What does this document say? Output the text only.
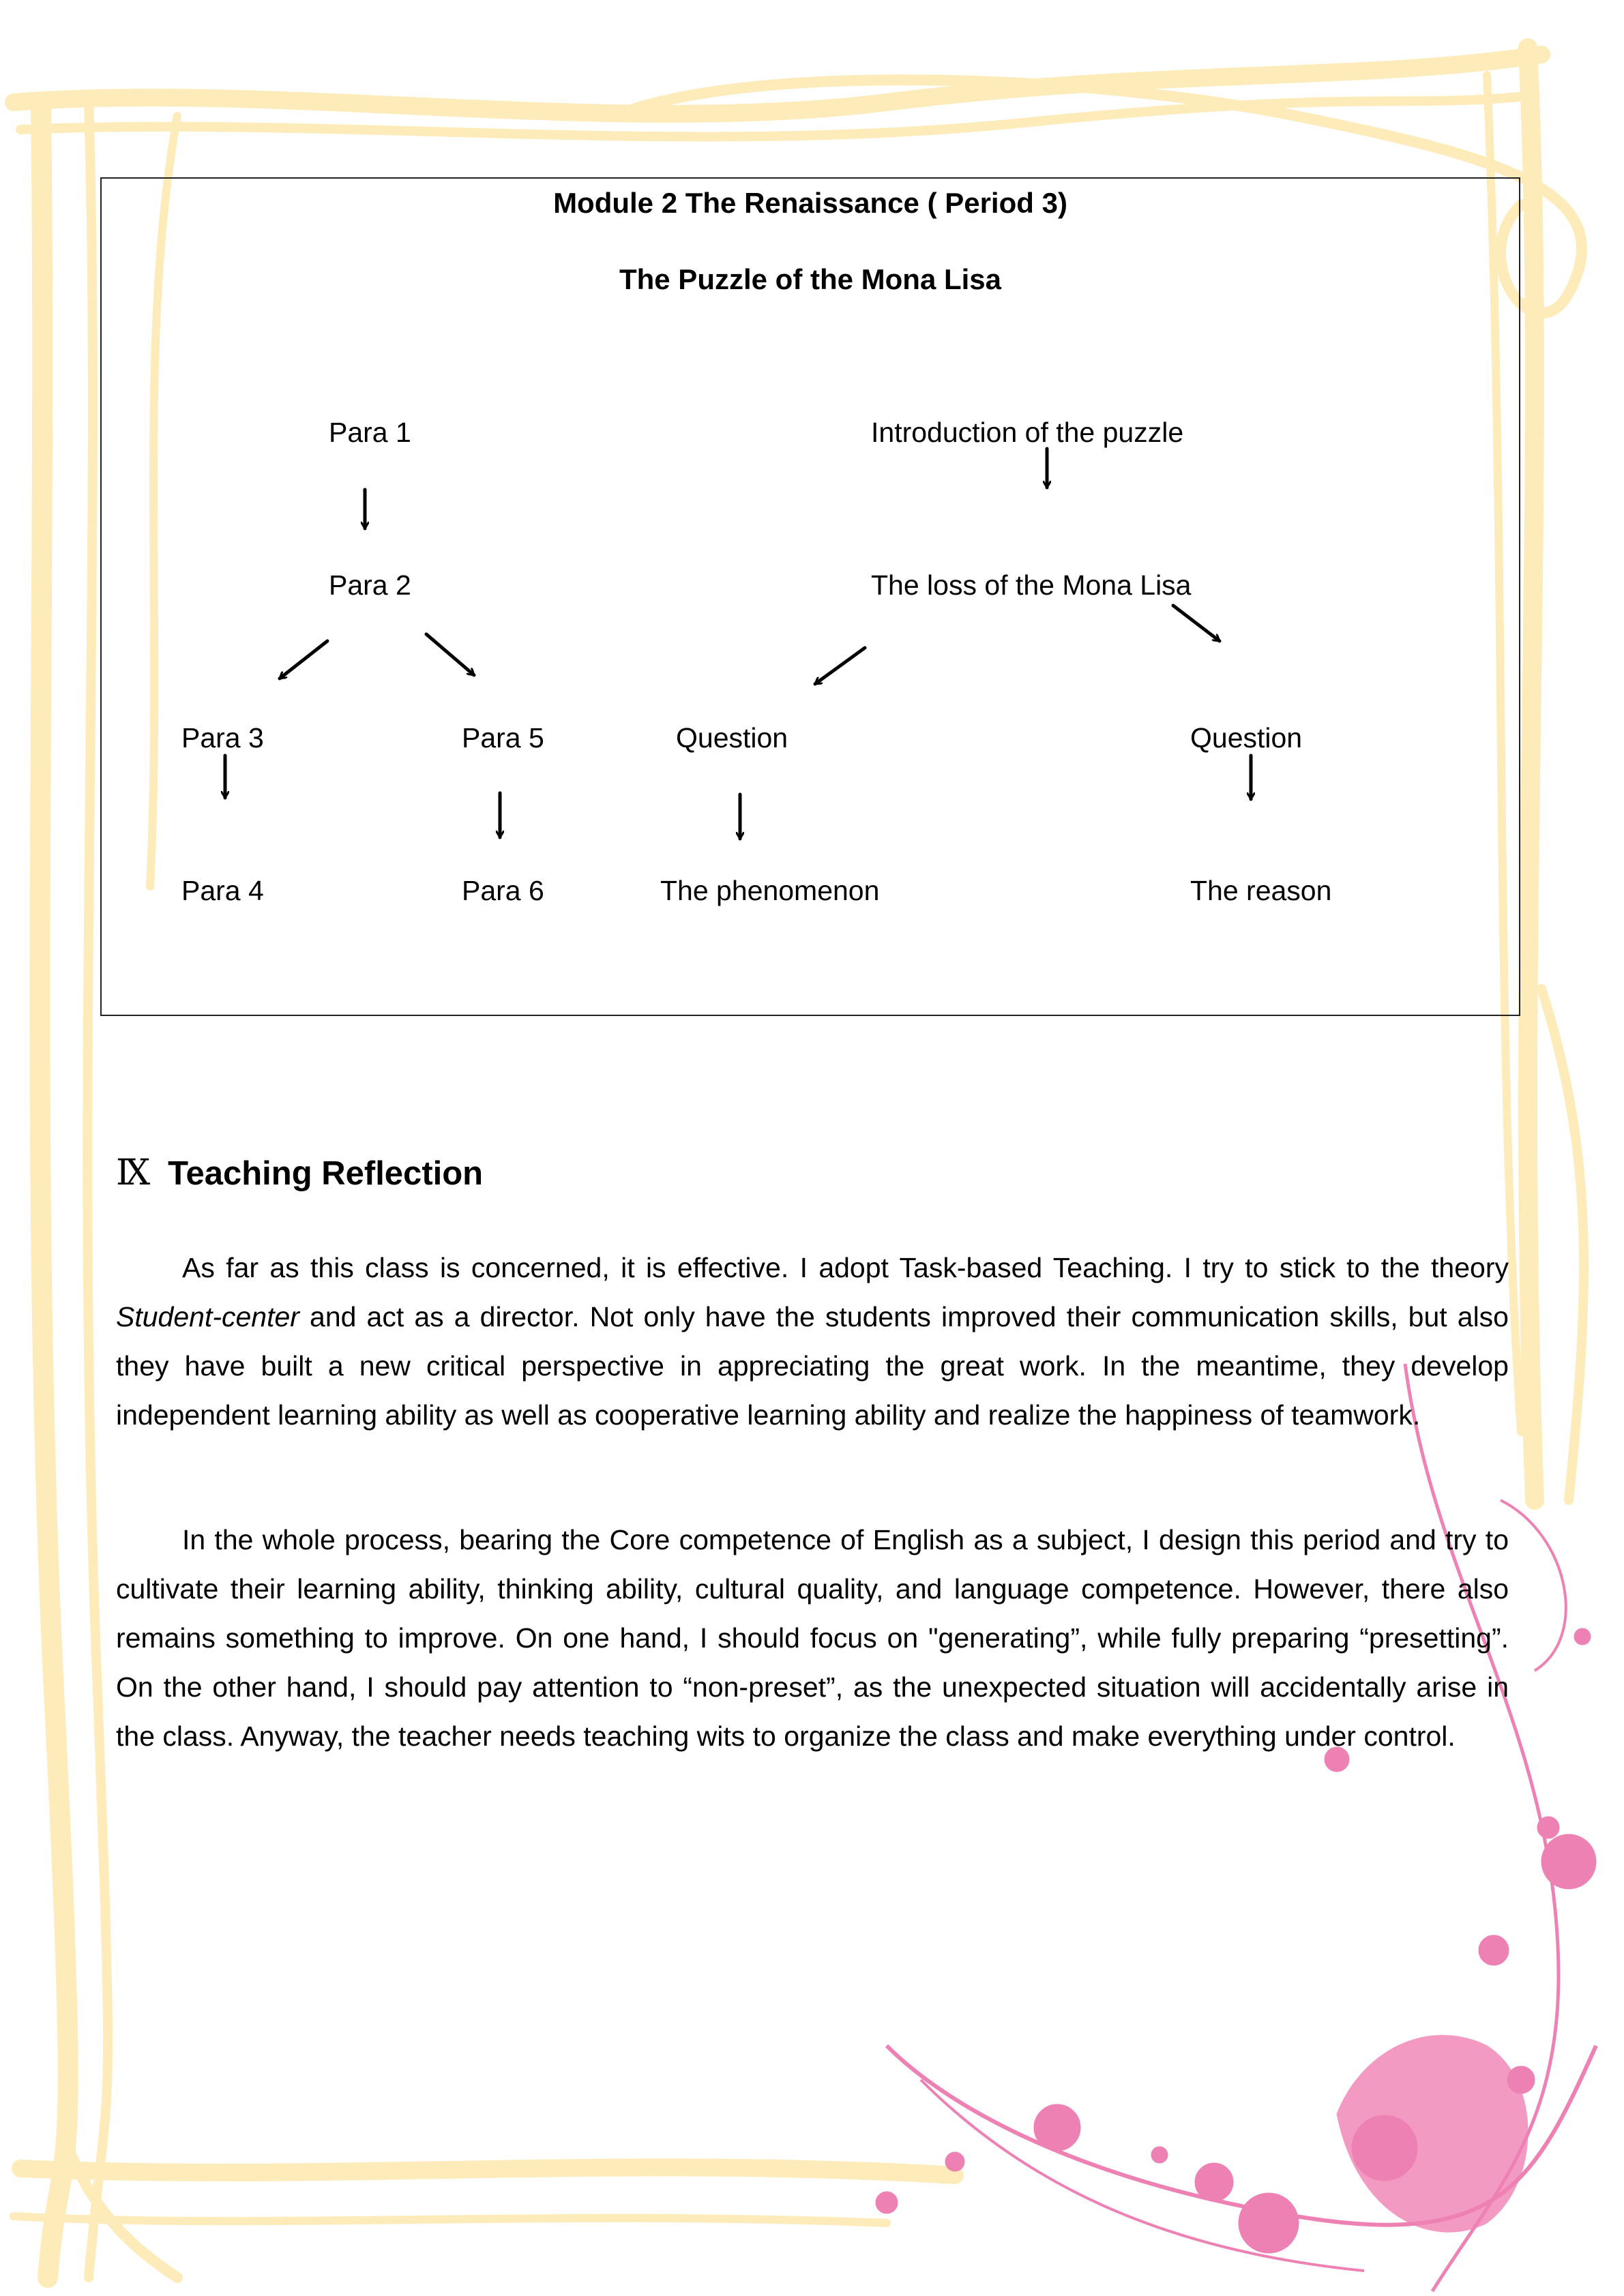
Module 2 The Renaissance ( Period 3)
The Puzzle of the Mona Lisa
Para 1
Para 2
Para 3	Para 5
Para 4	Para 6
Introduction of the puzzle
The loss of the Mona Lisa
Question	Question
The phenomenon	The reason
Ⅸ Teaching Reflection

As far as this class is concerned, it is effective. I adopt Task-based Teaching. I try to stick to the theory Student-center and act as a director. Not only have the students improved their communication skills, but also they have built a new critical perspective in appreciating the great work. In the meantime, they develop independent learning ability as well as cooperative learning ability and realize the happiness of teamwork.

In the whole process, bearing the Core competence of English as a subject, I design this period and try to cultivate their learning ability, thinking ability, cultural quality, and language competence. However, there also remains something to improve. On one hand, I should focus on "generating”, while fully preparing “presetting”. On the other hand, I should pay attention to “non-preset”, as the unexpected situation will accidentally arise in the class. Anyway, the teacher needs teaching wits to organize the class and make everything under control.
